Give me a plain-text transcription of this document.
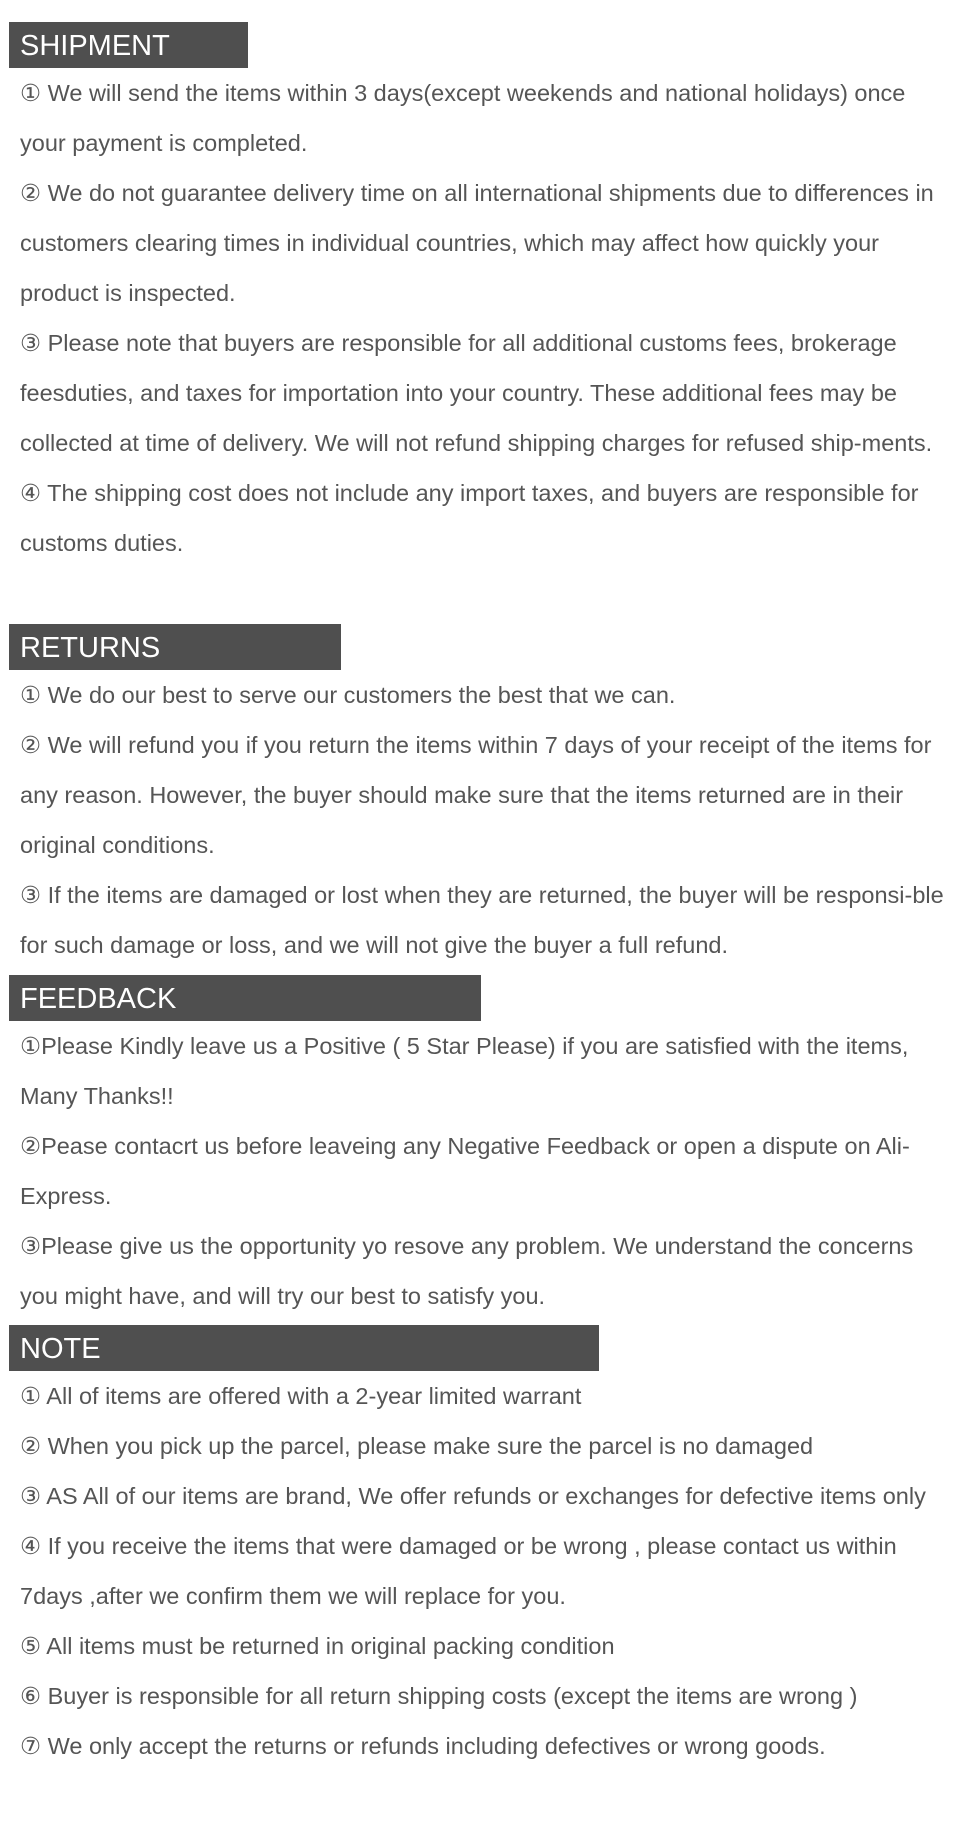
SHIPMENT

① We will send the items within 3 days(except weekends and national holidays) once your payment is completed.

② We do not guarantee delivery time on all international shipments due to differences in customers clearing times in individual countries, which may affect how quickly your product is inspected.

③ Please note that buyers are responsible for all additional customs fees, brokerage feesduties, and taxes for importation into your country. These additional fees may be collected at time of delivery. We will not refund shipping charges for refused ship-ments.

④ The shipping cost does not include any import taxes, and buyers are responsible for customs duties.

RETURNS

① We do our best to serve our customers the best that we can.

② We will refund you if you return the items within 7 days of your receipt of the items for any reason. However, the buyer should make sure that the items returned are in their original conditions.

③ If the items are damaged or lost when they are returned, the buyer will be responsi-ble for such damage or loss, and we will not give the buyer a full refund.

FEEDBACK

①Please Kindly leave us a Positive ( 5 Star Please) if you are satisfied with the items, Many Thanks!!

②Pease contacrt us before leaveing any Negative Feedback or open a dispute on Ali-Express.

③Please give us the opportunity yo resove any problem. We understand the concerns you might have, and will try our best to satisfy you.

NOTE

① All of items are offered with a 2-year limited warrant

② When you pick up the parcel, please make sure the parcel is no damaged

③ AS All of our items are brand, We offer refunds or exchanges for defective items only

④ If you receive the items that were damaged or be wrong , please contact us within 7days ,after we confirm them we will replace for you.

⑤ All items must be returned in original packing condition

⑥ Buyer is responsible for all return shipping costs (except the items are wrong )

⑦ We only accept the returns or refunds including defectives or wrong goods.
